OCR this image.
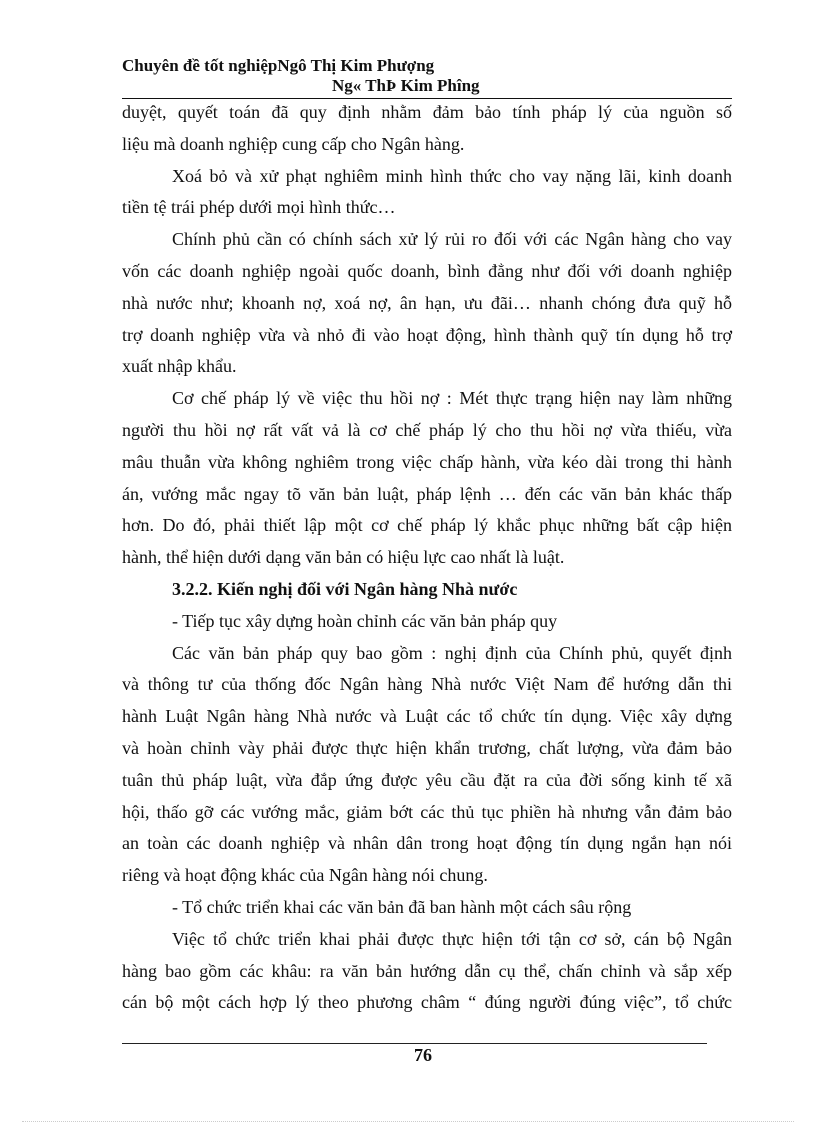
Chuyên đề tốt nghiệpNgô Thị Kim Phượng
Ng« ThÞ Kim Phîng
duyệt, quyết toán đã quy định nhằm đảm bảo tính pháp lý của nguồn số
liệu mà doanh nghiệp cung cấp cho Ngân hàng.
Xoá bỏ và xử phạt nghiêm minh hình thức cho vay nặng lãi, kinh doanh
tiền tệ trái phép dưới mọi hình thức…
Chính phủ cần có chính sách xử lý rủi ro đối với các Ngân hàng cho vay
vốn các doanh nghiệp ngoài quốc doanh, bình đẳng như đối với doanh nghiệp
nhà nước như; khoanh nợ, xoá nợ, ân hạn, ưu đãi… nhanh chóng đưa quỹ hỗ
trợ doanh nghiệp vừa và nhỏ đi vào hoạt động, hình thành quỹ tín dụng hỗ trợ
xuất nhập khẩu.
Cơ chế pháp lý về việc thu hồi nợ : Mét thực trạng hiện nay làm những
người thu hồi nợ rất vất vả là cơ chế pháp lý cho thu hồi nợ vừa thiếu, vừa
mâu thuẫn vừa không nghiêm trong việc chấp hành, vừa kéo dài trong thi hành
án, vướng mắc ngay tõ văn bản luật, pháp lệnh … đến các văn bản khác thấp
hơn. Do đó, phải thiết lập một cơ chế pháp lý khắc phục những bất cập hiện
hành, thể hiện dưới dạng văn bản có hiệu lực cao nhất là luật.
3.2.2. Kiến nghị đối với Ngân hàng Nhà nước
- Tiếp tục xây dựng hoàn chỉnh các văn bản pháp quy
Các văn bản pháp quy bao gồm : nghị định của Chính phủ, quyết định
và thông tư của thống đốc Ngân hàng Nhà nước Việt Nam để hướng dẫn thi
hành Luật Ngân hàng Nhà nước và Luật các tổ chức tín dụng. Việc xây dựng
và hoàn chỉnh vày phải được thực hiện khẩn trương, chất lượng, vừa đảm bảo
tuân thủ pháp luật, vừa đắp ứng được yêu cầu đặt ra của đời sống kinh tế xã
hội, thấo gỡ các vướng mắc, giảm bớt các thủ tục phiền hà nhưng vẫn đảm bảo
an toàn các doanh nghiệp và nhân dân trong hoạt động tín dụng ngắn hạn nói
riêng và hoạt động khác của Ngân hàng nói chung.
- Tổ chức triển khai các văn bản đã ban hành một cách sâu rộng
Việc tổ chức triển khai phải được thực hiện tới tận cơ sở, cán bộ Ngân
hàng bao gồm các khâu: ra văn bản hướng dẫn cụ thể, chấn chỉnh và sắp xếp
cán bộ một cách hợp lý theo phương châm “ đúng người đúng việc”, tổ chức
76
